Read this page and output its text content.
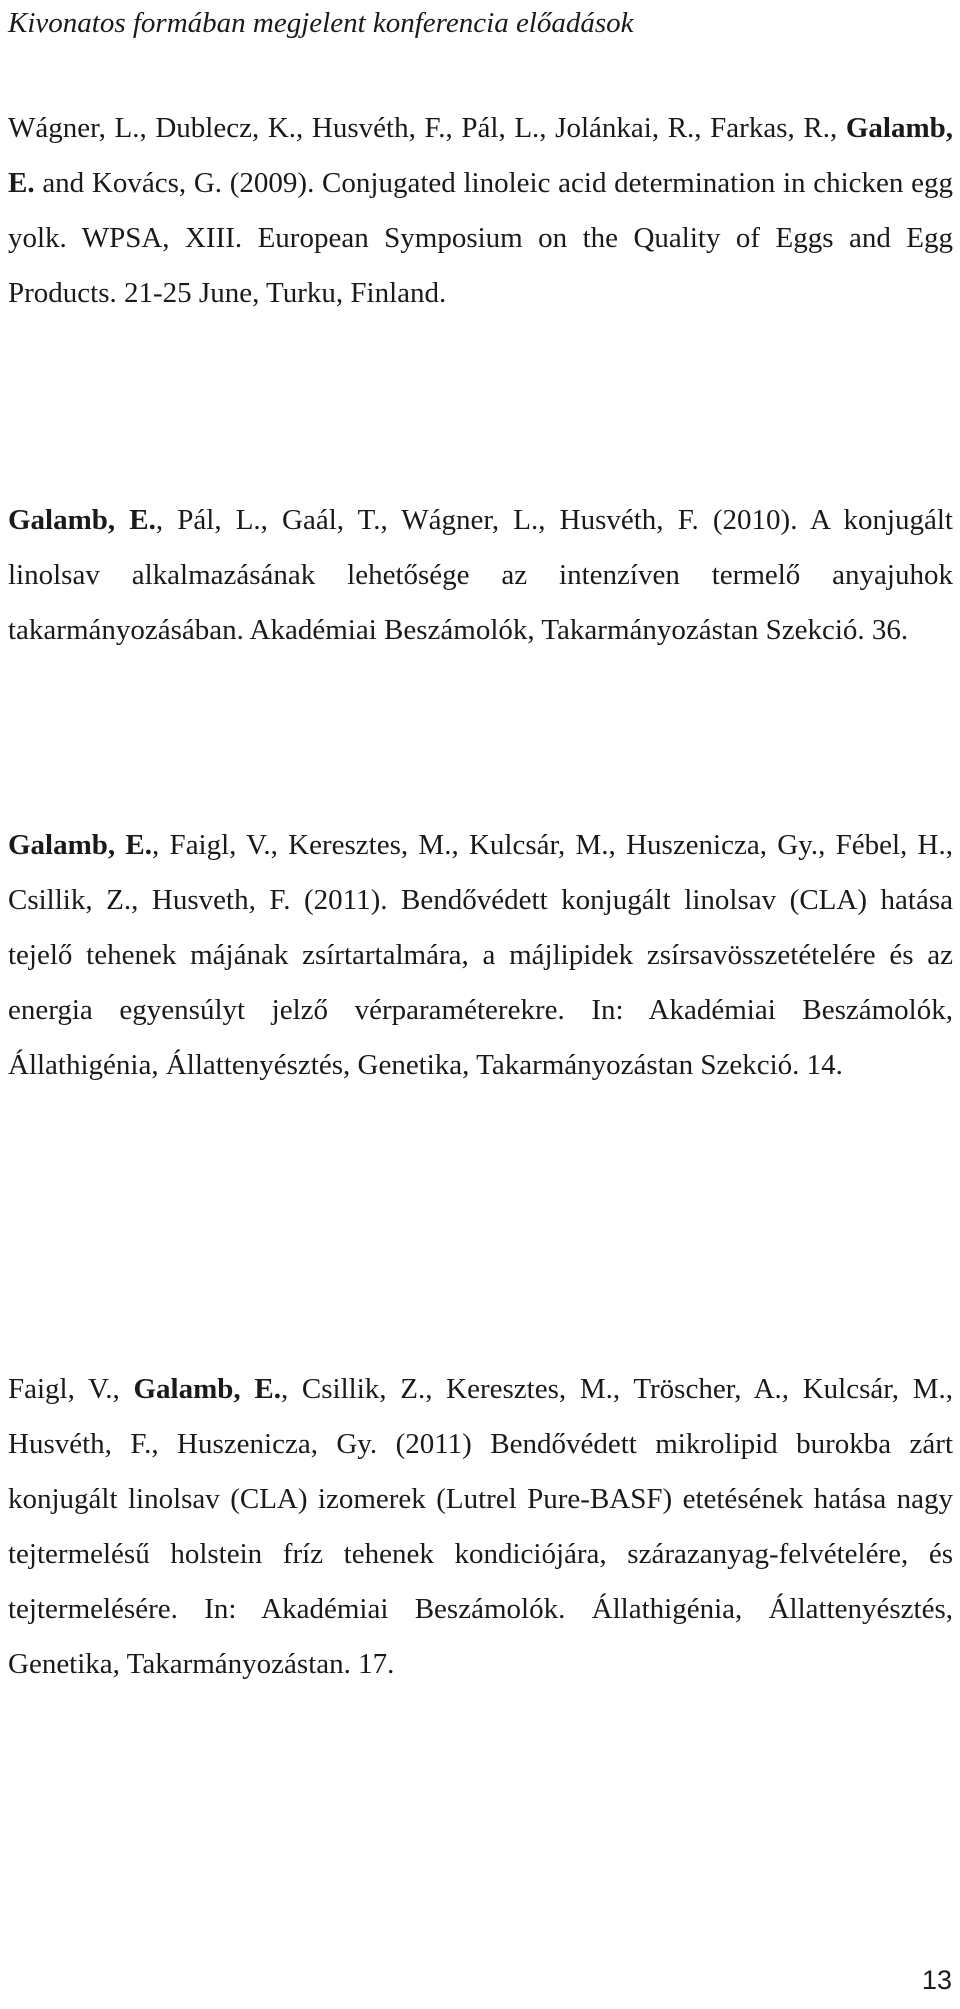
Kivonatos formában megjelent konferencia előadások

Wágner, L., Dublecz, K., Husvéth, F., Pál, L., Jolánkai, R., Farkas, R., Galamb, E. and Kovács, G. (2009). Conjugated linoleic acid determination in chicken egg yolk. WPSA, XIII. European Symposium on the Quality of Eggs and Egg Products. 21-25 June, Turku, Finland.

Galamb, E., Pál, L., Gaál, T., Wágner, L., Husvéth, F. (2010). A konjugált linolsav alkalmazásának lehetősége az intenzíven termelő anyajuhok takarmányozásában. Akadémiai Beszámolók, Takarmányozástan Szekció. 36.

Galamb, E., Faigl, V., Keresztes, M., Kulcsár, M., Huszenicza, Gy., Fébel, H., Csillik, Z., Husveth, F. (2011). Bendővédett konjugált linolsav (CLA) hatása tejelő tehenek májának zsírtartalmára, a májlipidek zsírsavösszetételére és az energia egyensúlyt jelző vérparaméterekre. In: Akadémiai Beszámolók, Állathigénia, Állattenyésztés, Genetika, Takarmányozástan Szekció. 14.

Faigl, V., Galamb, E., Csillik, Z., Keresztes, M., Tröscher, A., Kulcsár, M., Husvéth, F., Huszenicza, Gy. (2011) Bendővédett mikrolipid burokba zárt konjugált linolsav (CLA) izomerek (Lutrel Pure-BASF) etetésének hatása nagy tejtermelésű holstein fríz tehenek kondiciójára, szárazanyag-felvételére, és tejtermelésére. In: Akadémiai Beszámolók. Állathigénia, Állattenyésztés, Genetika, Takarmányozástan. 17.

13
